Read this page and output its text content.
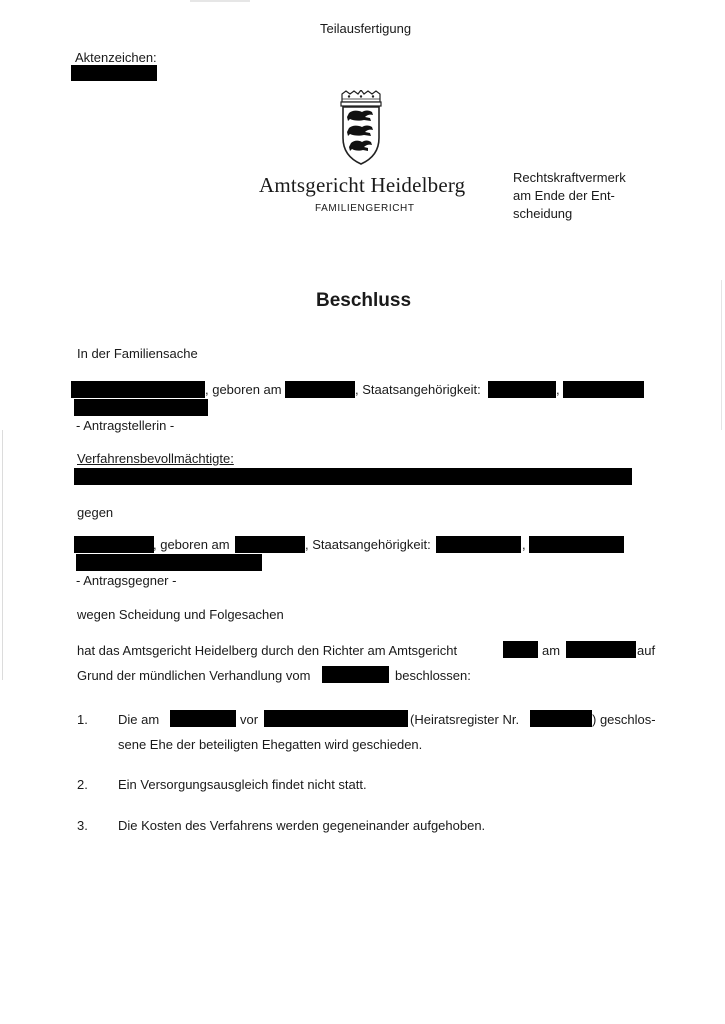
Teilausfertigung
Aktenzeichen:
Amtsgericht Heidelberg
FAMILIENGERICHT
Rechtskraftvermerk
am Ende der Ent-
scheidung
Beschluss
In der Familiensache
, geboren am	, Staatsangehörigkeit:	,
- Antragstellerin -
Verfahrensbevollmächtigte:
gegen
, geboren am	, Staatsangehörigkeit:	,
- Antragsgegner -
wegen Scheidung und Folgesachen
hat das Amtsgericht Heidelberg durch den Richter am Amtsgericht	am	auf
Grund der mündlichen Verhandlung vom	beschlossen:
1. Die am	vor	(Heiratsregister Nr.	) geschlos-
sene Ehe der beteiligten Ehegatten wird geschieden.
2. Ein Versorgungsausgleich findet nicht statt.
3. Die Kosten des Verfahrens werden gegeneinander aufgehoben.
